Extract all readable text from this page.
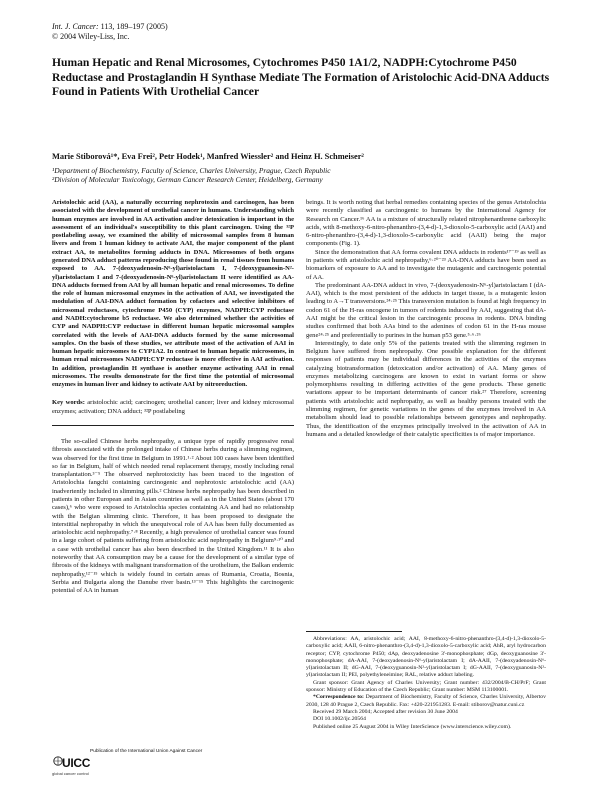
Int. J. Cancer: 113, 189–197 (2005)
© 2004 Wiley-Liss, Inc.
Human Hepatic and Renal Microsomes, Cytochromes P450 1A1/2, NADPH:Cytochrome P450 Reductase and Prostaglandin H Synthase Mediate The Formation of Aristolochic Acid-DNA Adducts Found in Patients With Urothelial Cancer
Marie Stiborová¹*, Eva Frei², Petr Hodek¹, Manfred Wiessler² and Heinz H. Schmeiser²
¹Department of Biochemistry, Faculty of Science, Charles University, Prague, Czech Republic
²Division of Molecular Toxicology, German Cancer Research Center, Heidelberg, Germany

Aristolochic acid (AA), a naturally occurring nephrotoxin and carcinogen, has been associated with the development of urothelial cancer in humans. Understanding which human enzymes are involved in AA activation and/or detoxication is important in the assessment of an individual's susceptibility to this plant carcinogen. Using the ³²P postlabeling assay, we examined the ability of microsomal samples from 8 human livers and from 1 human kidney to activate AAI, the major component of the plant extract AA, to metabolites forming adducts in DNA. Microsomes of both organs generated DNA adduct patterns reproducing those found in renal tissues from humans exposed to AA. 7-(deoxyadenosin-N⁶-yl)aristolactam I, 7-(deoxyguanosin-N²-yl)aristolactam I and 7-(deoxyadenosin-N⁶-yl)aristolactam II were identified as AA-DNA adducts formed from AAI by all human hepatic and renal microsomes. To define the role of human microsomal enzymes in the activation of AAI, we investigated the modulation of AAI-DNA adduct formation by cofactors and selective inhibitors of microsomal reductases, cytochrome P450 (CYP) enzymes, NADPH:CYP reductase and NADH:cytochrome b5 reductase. We also determined whether the activities of CYP and NADPH:CYP reductase in different human hepatic microsomal samples correlated with the levels of AAI-DNA adducts formed by the same microsomal samples. On the basis of these studies, we attribute most of the activation of AAI in human hepatic microsomes to CYP1A2. In contrast to human hepatic microsomes, in human renal microsomes NADPH:CYP reductase is more effective in AAI activation. In addition, prostaglandin H synthase is another enzyme activating AAI in renal microsomes. The results demonstrate for the first time the potential of microsomal enzymes in human liver and kidney to activate AAI by nitroreduction.

Key words: aristolochic acid; carcinogen; urothelial cancer; liver and kidney microsomal enzymes; activation; DNA adduct; ³²P postlabeling

The so-called Chinese herbs nephropathy, a unique type of rapidly progressive renal fibrosis associated with the prolonged intake of Chinese herbs during a slimming regimen, was observed for the first time in Belgium in 1991.¹·² About 100 cases have been identified so far in Belgium, half of which needed renal replacement therapy, mostly including renal transplantation.³⁻⁵ The observed nephrotoxicity has been traced to the ingestion of Aristolochia fangchi containing carcinogenic and nephrotoxic aristolochic acid (AA) inadvertently included in slimming pills.² Chinese herbs nephropathy has been described in patients in other European and in Asian countries as well as in the United States (about 170 cases),⁶ who were exposed to Aristolochia species containing AA and had no relationship with the Belgian slimming clinic. Therefore, it has been proposed to designate the interstitial nephropathy in which the unequivocal role of AA has been fully documented as aristolochic acid nephropathy.⁷·⁸ Recently, a high prevalence of urothelial cancer was found in a large cohort of patients suffering from aristolochic acid nephropathy in Belgium⁹·¹⁰ and a case with urothelial cancer has also been described in the United Kingdom.¹¹ It is also noteworthy that AA consumption may be a cause for the development of a similar type of fibrosis of the kidneys with malignant transformation of the urothelium, the Balkan endemic nephropathy,¹²⁻¹⁵ which is widely found in certain areas of Rumania, Croatia, Bosnia, Serbia and Bulgaria along the Danube river basin.¹³⁻¹⁵ This highlights the carcinogenic potential of AA in human

beings. It is worth noting that herbal remedies containing species of the genus Aristolochia were recently classified as carcinogenic to humans by the International Agency for Research on Cancer.¹⁶ AA is a mixture of structurally related nitrophenanthrene carboxylic acids, with 8-methoxy-6-nitro-phenanthro-(3,4-d)-1,3-dioxolo-5-carboxylic acid (AAI) and 6-nitro-phenanthro-(3,4-d)-1,3-dioxolo-5-carboxylic acid (AAII) being the major components (Fig. 1).

Since the demonstration that AA forms covalent DNA adducts in rodents¹⁷⁻¹⁹ as well as in patients with aristolochic acid nephropathy,⁶·²⁰⁻²³ AA-DNA adducts have been used as biomarkers of exposure to AA and to investigate the mutagenic and carcinogenic potential of AA.

The predominant AA-DNA adduct in vivo, 7-(deoxyadenosin-N⁶-yl)aristolactam I (dA-AAI), which is the most persistent of the adducts in target tissue, is a mutagenic lesion leading to A→T transversions.²⁴·²⁵ This transversion mutation is found at high frequency in codon 61 of the H-ras oncogene in tumors of rodents induced by AAI, suggesting that dA-AAI might be the critical lesion in the carcinogenic process in rodents. DNA binding studies confirmed that both AAs bind to the adenines of codon 61 in the H-ras mouse gene²⁴·²⁵ and preferentially to purines in the human p53 gene.⁵·⁶·²⁶

Interestingly, to date only 5% of the patients treated with the slimming regimen in Belgium have suffered from nephropathy. One possible explanation for the different responses of patients may be individual differences in the activities of the enzymes catalyzing biotransformation (detoxication and/or activation) of AA. Many genes of enzymes metabolizing carcinogens are known to exist in variant forms or show polymorphisms resulting in differing activities of the gene products. These genetic variations appear to be important determinants of cancer risk.²⁷ Therefore, screening patients with aristolochic acid nephropathy, as well as healthy persons treated with the slimming regimen, for genetic variations in the genes of the enzymes involved in AA metabolism should lead to possible relationships between genotypes and nephropathy. Thus, the identification of the enzymes principally involved in the activation of AA in humans and a detailed knowledge of their catalytic specificities is of major importance.

Abbreviations: AA, aristolochic acid; AAI, 8-methoxy-6-nitro-phenanthro-(3,4-d)-1,3-dioxolo-5-carboxylic acid; AAII, 6-nitro-phenanthro-(3,4-d)-1,3-dioxolo-5-carboxylic acid; AhR, aryl hydrocarbon receptor; CYP, cytochrome P450; dAp, deoxyadenosine 3'-monophosphate; dGp, deoxyguanosine 3'-monophosphate; dA-AAI, 7-(deoxyadenosin-N⁶-yl)aristolactam I; dA-AAII, 7-(deoxyadenosin-N⁶-yl)aristolactam II; dG-AAI, 7-(deoxyguanosin-N²-yl)aristolactam I; dG-AAII, 7-(deoxyguanosin-N²-yl)aristolactam II; PEI, polyethyleneimine; RAL, relative adduct labeling.

Grant sponsor: Grant Agency of Charles University; Grant number: 432/2004/B-CH/PrF; Grant sponsor: Ministry of Education of the Czech Republic; Grant number: MSM 113100001.

*Correspondence to: Department of Biochemistry, Faculty of Science, Charles University, Albertov 2030, 128 40 Prague 2, Czech Republic. Fax: +420-221951283. E-mail: stiborov@natur.cuni.cz

Received 29 March 2004; Accepted after revision 30 June 2004

DOI 10.1002/ijc.20564

Published online 25 August 2004 in Wiley InterScience (www.interscience.wiley.com).

Publication of the International Union Against Cancer
UICC
global cancer control
